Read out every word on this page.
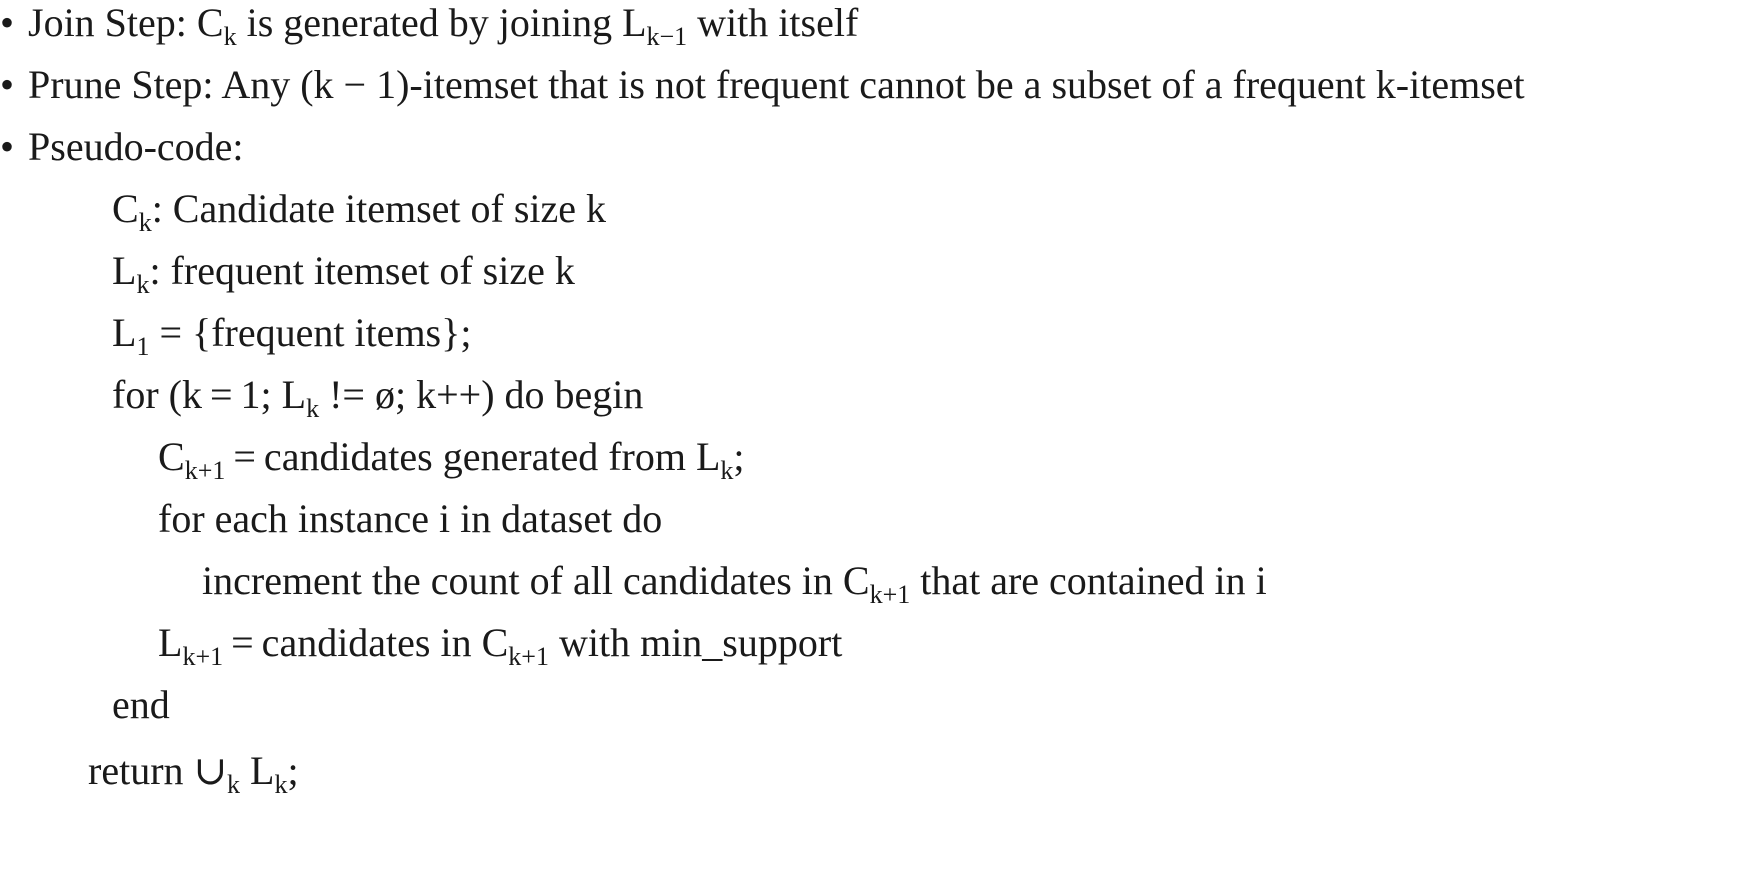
• Join Step: $C_k$ is generated by joining $L_{k-1}$ with itself
• Prune Step: Any (k − 1)-itemset that is not frequent cannot be a subset of a frequent k-itemset
• Pseudo-code:
$C_k$: Candidate itemset of size k
$L_k$: frequent itemset of size k
$L_1$ = {frequent items};
for (k = 1; $L_k$ != ø; k++) do begin
$C_{k+1}$ = candidates generated from $L_k$;
for each instance i in dataset do
increment the count of all candidates in $C_{k+1}$ that are contained in i
$L_{k+1}$ = candidates in $C_{k+1}$ with min_support
end
return $\cup_k$ $L_k$;
